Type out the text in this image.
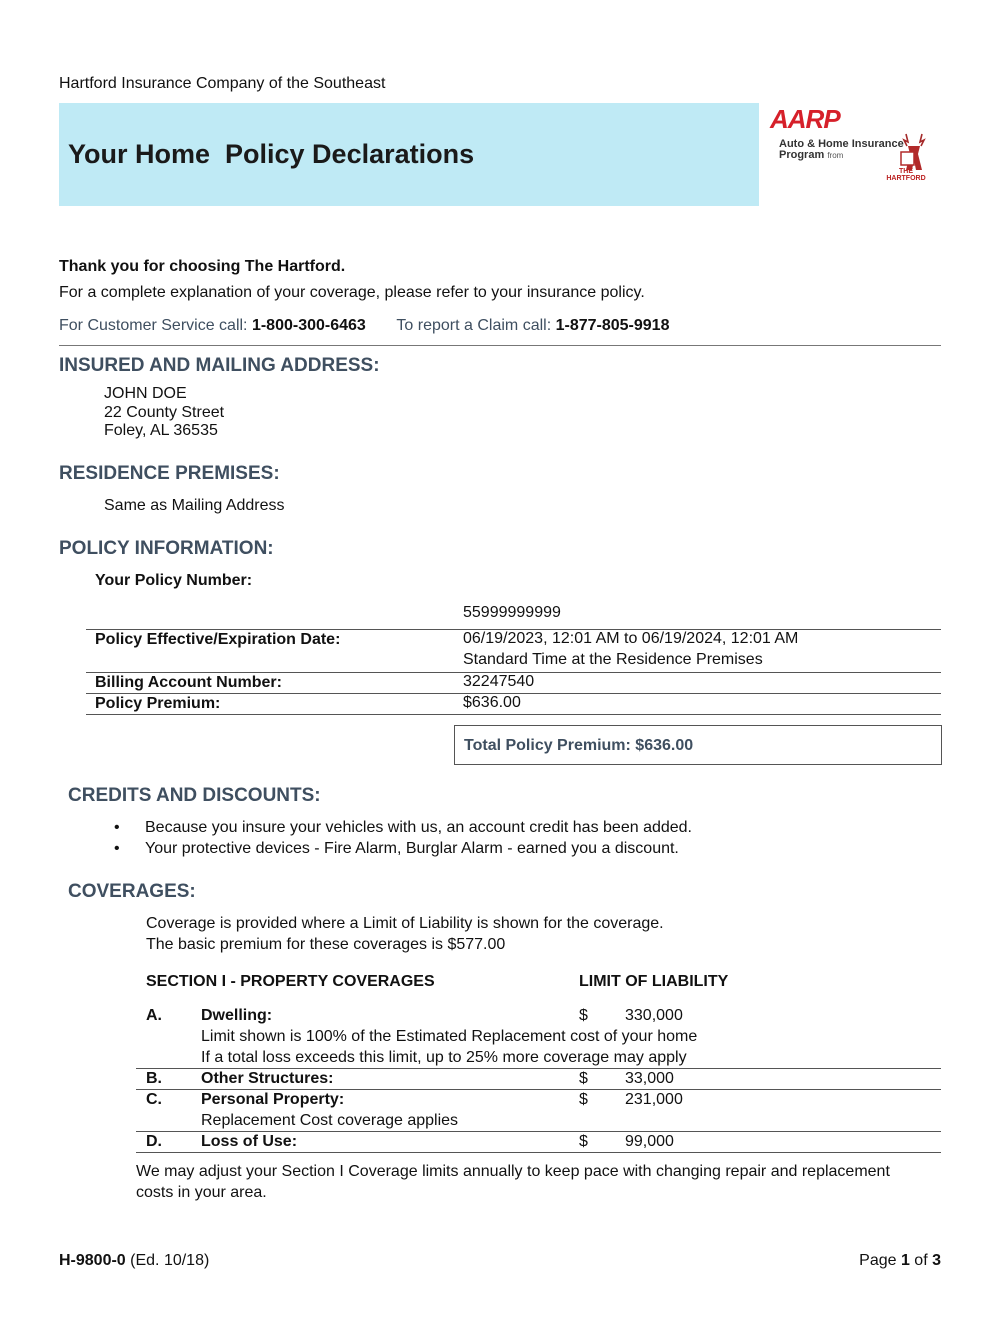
Hartford Insurance Company of the Southeast
Your Home  Policy Declarations
AARP
Auto & Home Insurance
Program from
THE
HARTFORD
Thank you for choosing The Hartford.
For a complete explanation of your coverage, please refer to your insurance policy.
For Customer Service call: 1-800-300-6463 To report a Claim call: 1-877-805-9918
INSURED AND MAILING ADDRESS:
JOHN DOE
22 County Street
Foley, AL 36535
RESIDENCE PREMISES:
Same as Mailing Address
POLICY INFORMATION:
Your Policy Number:
55999999999
Policy Effective/Expiration Date:	06/19/2023, 12:01 AM to 06/19/2024, 12:01 AM
Standard Time at the Residence Premises
Billing Account Number:	32247540
Policy Premium:	$636.00
Total Policy Premium: $636.00
CREDITS AND DISCOUNTS:
• Because you insure your vehicles with us, an account credit has been added.
• Your protective devices - Fire Alarm, Burglar Alarm - earned you a discount.
COVERAGES:
Coverage is provided where a Limit of Liability is shown for the coverage.
The basic premium for these coverages is $577.00
SECTION I - PROPERTY COVERAGES	LIMIT OF LIABILITY
A. Dwelling:	$ 330,000
Limit shown is 100% of the Estimated Replacement cost of your home
If a total loss exceeds this limit, up to 25% more coverage may apply
B. Other Structures:	$ 33,000
C. Personal Property:	$ 231,000
Replacement Cost coverage applies
D. Loss of Use:	$ 99,000
We may adjust your Section I Coverage limits annually to keep pace with changing repair and replacement
costs in your area.
H-9800-0 (Ed. 10/18)	Page 1 of 3
